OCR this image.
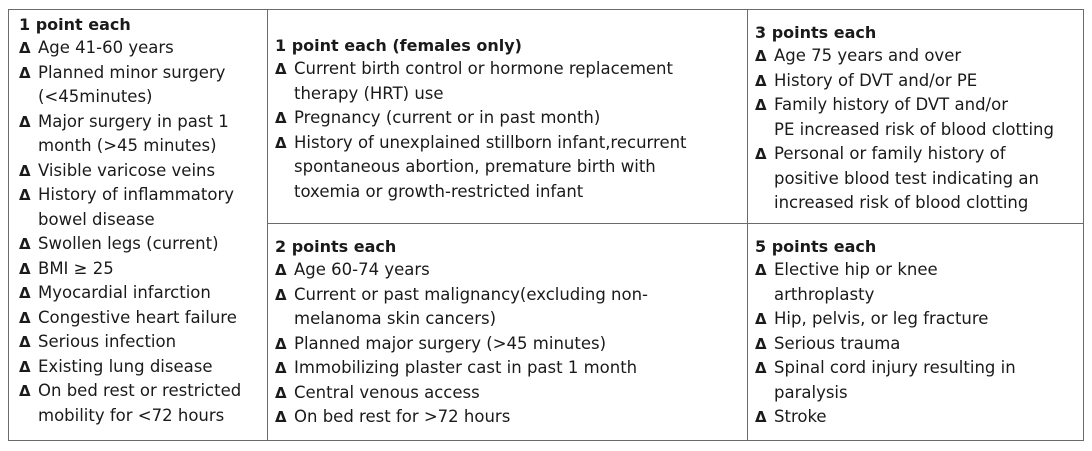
1 point each
Δ Age 41-60 years
Δ Planned minor surgery
(<45minutes)
Δ Major surgery in past 1
month (>45 minutes)
Δ Visible varicose veins
Δ History of inflammatory
bowel disease
Δ Swollen legs (current)
Δ BMI ≥ 25
Δ Myocardial infarction
Δ Congestive heart failure
Δ Serious infection
Δ Existing lung disease
Δ On bed rest or restricted
mobility for <72 hours
1 point each (females only)
Δ Current birth control or hormone replacement
therapy (HRT) use
Δ Pregnancy (current or in past month)
Δ History of unexplained stillborn infant,recurrent
spontaneous abortion, premature birth with
toxemia or growth-restricted infant
3 points each
Δ Age 75 years and over
Δ History of DVT and/or PE
Δ Family history of DVT and/or
PE increased risk of blood clotting
Δ Personal or family history of
positive blood test indicating an
increased risk of blood clotting
2 points each
Δ Age 60-74 years
Δ Current or past malignancy(excluding non-
melanoma skin cancers)
Δ Planned major surgery (>45 minutes)
Δ Immobilizing plaster cast in past 1 month
Δ Central venous access
Δ On bed rest for >72 hours
5 points each
Δ Elective hip or knee
arthroplasty
Δ Hip, pelvis, or leg fracture
Δ Serious trauma
Δ Spinal cord injury resulting in
paralysis
Δ Stroke
